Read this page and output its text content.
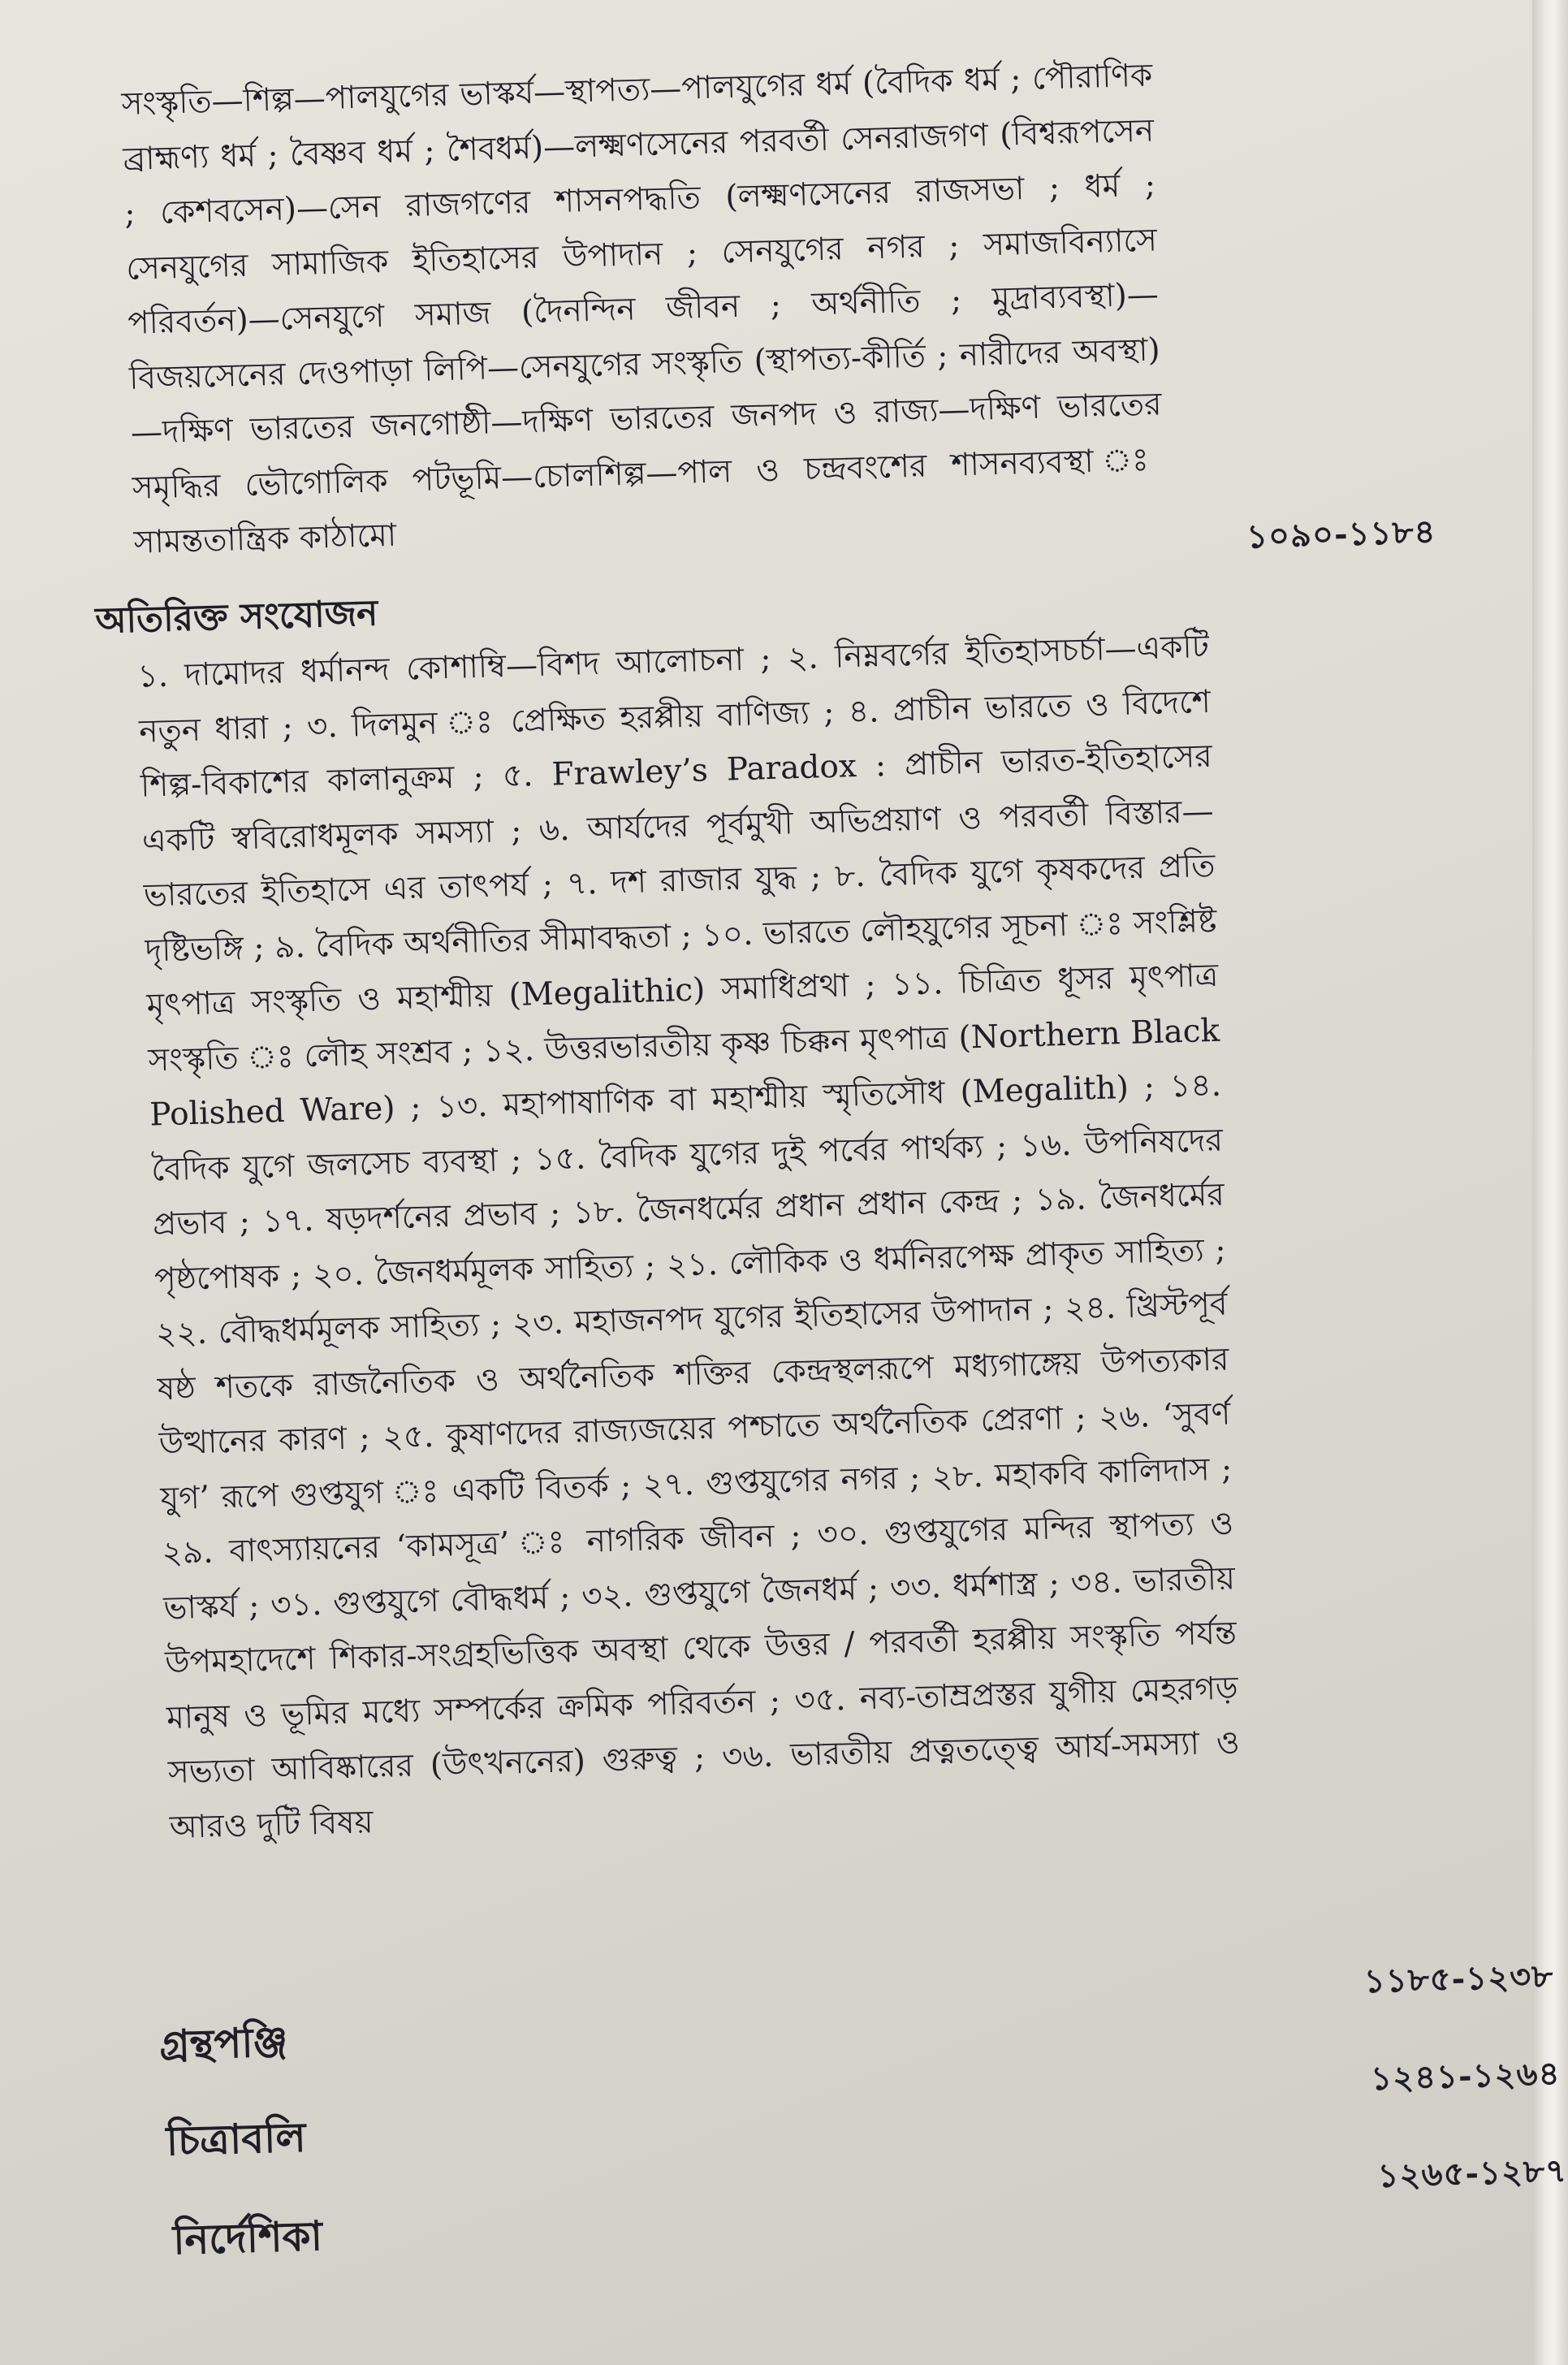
সংস্কৃতি—শিল্প—পালযুগের ভাস্কর্য—স্থাপত্য—পালযুগের ধর্ম (বৈদিক ধর্ম ; পৌরাণিক ব্রাহ্মণ্য ধর্ম ; বৈষ্ণব ধর্ম ; শৈবধর্ম)—লক্ষ্মণসেনের পরবর্তী সেনরাজগণ (বিশ্বরূপসেন ; কেশবসেন)—সেন রাজগণের শাসনপদ্ধতি (লক্ষ্মণসেনের রাজসভা ; ধর্ম ; সেনযুগের সামাজিক ইতিহাসের উপাদান ; সেনযুগের নগর ; সমাজবিন্যাসে পরিবর্তন)—সেনযুগে সমাজ (দৈনন্দিন জীবন ; অর্থনীতি ; মুদ্রাব্যবস্থা)—বিজয়সেনের দেওপাড়া লিপি—সেনযুগের সংস্কৃতি (স্থাপত্য-কীর্তি ; নারীদের অবস্থা)—দক্ষিণ ভারতের জনগোষ্ঠী—দক্ষিণ ভারতের জনপদ ও রাজ্য—দক্ষিণ ভারতের সমৃদ্ধির ভৌগোলিক পটভূমি—চোলশিল্প—পাল ও চন্দ্রবংশের শাসনব্যবস্থা ঃ সামন্ততান্ত্রিক কাঠামো	১০৯০-১১৮৪
অতিরিক্ত সংযোজন

১. দামোদর ধর্মানন্দ কোশাম্বি—বিশদ আলোচনা ; ২. নিম্নবর্গের ইতিহাসচর্চা—একটি নতুন ধারা ; ৩. দিলমুন ঃ প্রেক্ষিত হরপ্পীয় বাণিজ্য ; ৪. প্রাচীন ভারতে ও বিদেশে শিল্প-বিকাশের কালানুক্রম ; ৫. Frawley’s Paradox : প্রাচীন ভারত-ইতিহাসের একটি স্ববিরোধমূলক সমস্যা ; ৬. আর্যদের পূর্বমুখী অভিপ্রয়াণ ও পরবর্তী বিস্তার—ভারতের ইতিহাসে এর তাৎপর্য ; ৭. দশ রাজার যুদ্ধ ; ৮. বৈদিক যুগে কৃষকদের প্রতি দৃষ্টিভঙ্গি ; ৯. বৈদিক অর্থনীতির সীমাবদ্ধতা ; ১০. ভারতে লৌহযুগের সূচনা ঃ সংশ্লিষ্ট মৃৎপাত্র সংস্কৃতি ও মহাশ্মীয় (Megalithic) সমাধিপ্রথা ; ১১. চিত্রিত ধূসর মৃৎপাত্র সংস্কৃতি ঃ লৌহ সংশ্রব ; ১২. উত্তরভারতীয় কৃষ্ণ চিক্কন মৃৎপাত্র (Northern Black Polished Ware) ; ১৩. মহাপাষাণিক বা মহাশ্মীয় স্মৃতিসৌধ (Megalith) ; ১৪. বৈদিক যুগে জলসেচ ব্যবস্থা ; ১৫. বৈদিক যুগের দুই পর্বের পার্থক্য ; ১৬. উপনিষদের প্রভাব ; ১৭. ষড়দর্শনের প্রভাব ; ১৮. জৈনধর্মের প্রধান প্রধান কেন্দ্র ; ১৯. জৈনধর্মের পৃষ্ঠপোষক ; ২০. জৈনধর্মমূলক সাহিত্য ; ২১. লৌকিক ও ধর্মনিরপেক্ষ প্রাকৃত সাহিত্য ; ২২. বৌদ্ধধর্মমূলক সাহিত্য ; ২৩. মহাজনপদ যুগের ইতিহাসের উপাদান ; ২৪. খ্রিস্টপূর্ব ষষ্ঠ শতকে রাজনৈতিক ও অর্থনৈতিক শক্তির কেন্দ্রস্থলরূপে মধ্যগাঙ্গেয় উপত্যকার উত্থানের কারণ ; ২৫. কুষাণদের রাজ্যজয়ের পশ্চাতে অর্থনৈতিক প্রেরণা ; ২৬. ‘সুবর্ণ যুগ’ রূপে গুপ্তযুগ ঃ একটি বিতর্ক ; ২৭. গুপ্তযুগের নগর ; ২৮. মহাকবি কালিদাস ; ২৯. বাৎস্যায়নের ‘কামসূত্র’ ঃ নাগরিক জীবন ; ৩০. গুপ্তযুগের মন্দির স্থাপত্য ও ভাস্কর্য ; ৩১. গুপ্তযুগে বৌদ্ধধর্ম ; ৩২. গুপ্তযুগে জৈনধর্ম ; ৩৩. ধর্মশাস্ত্র ; ৩৪. ভারতীয় উপমহাদেশে শিকার-সংগ্রহভিত্তিক অবস্থা থেকে উত্তর / পরবর্তী হরপ্পীয় সংস্কৃতি পর্যন্ত মানুষ ও ভূমির মধ্যে সম্পর্কের ক্রমিক পরিবর্তন ; ৩৫. নব্য-তাম্রপ্রস্তর যুগীয় মেহরগড় সভ্যতা আবিষ্কারের (উৎখননের) গুরুত্ব ; ৩৬. ভারতীয় প্রত্নতত্ত্বে আর্য-সমস্যা ও আরও দুটি বিষয়

১১৮৫-১২৩৮
গ্রন্থপঞ্জি
১২৪১-১২৬৪
চিত্রাবলি
১২৬৫-১২৮৭
নির্দেশিকা
